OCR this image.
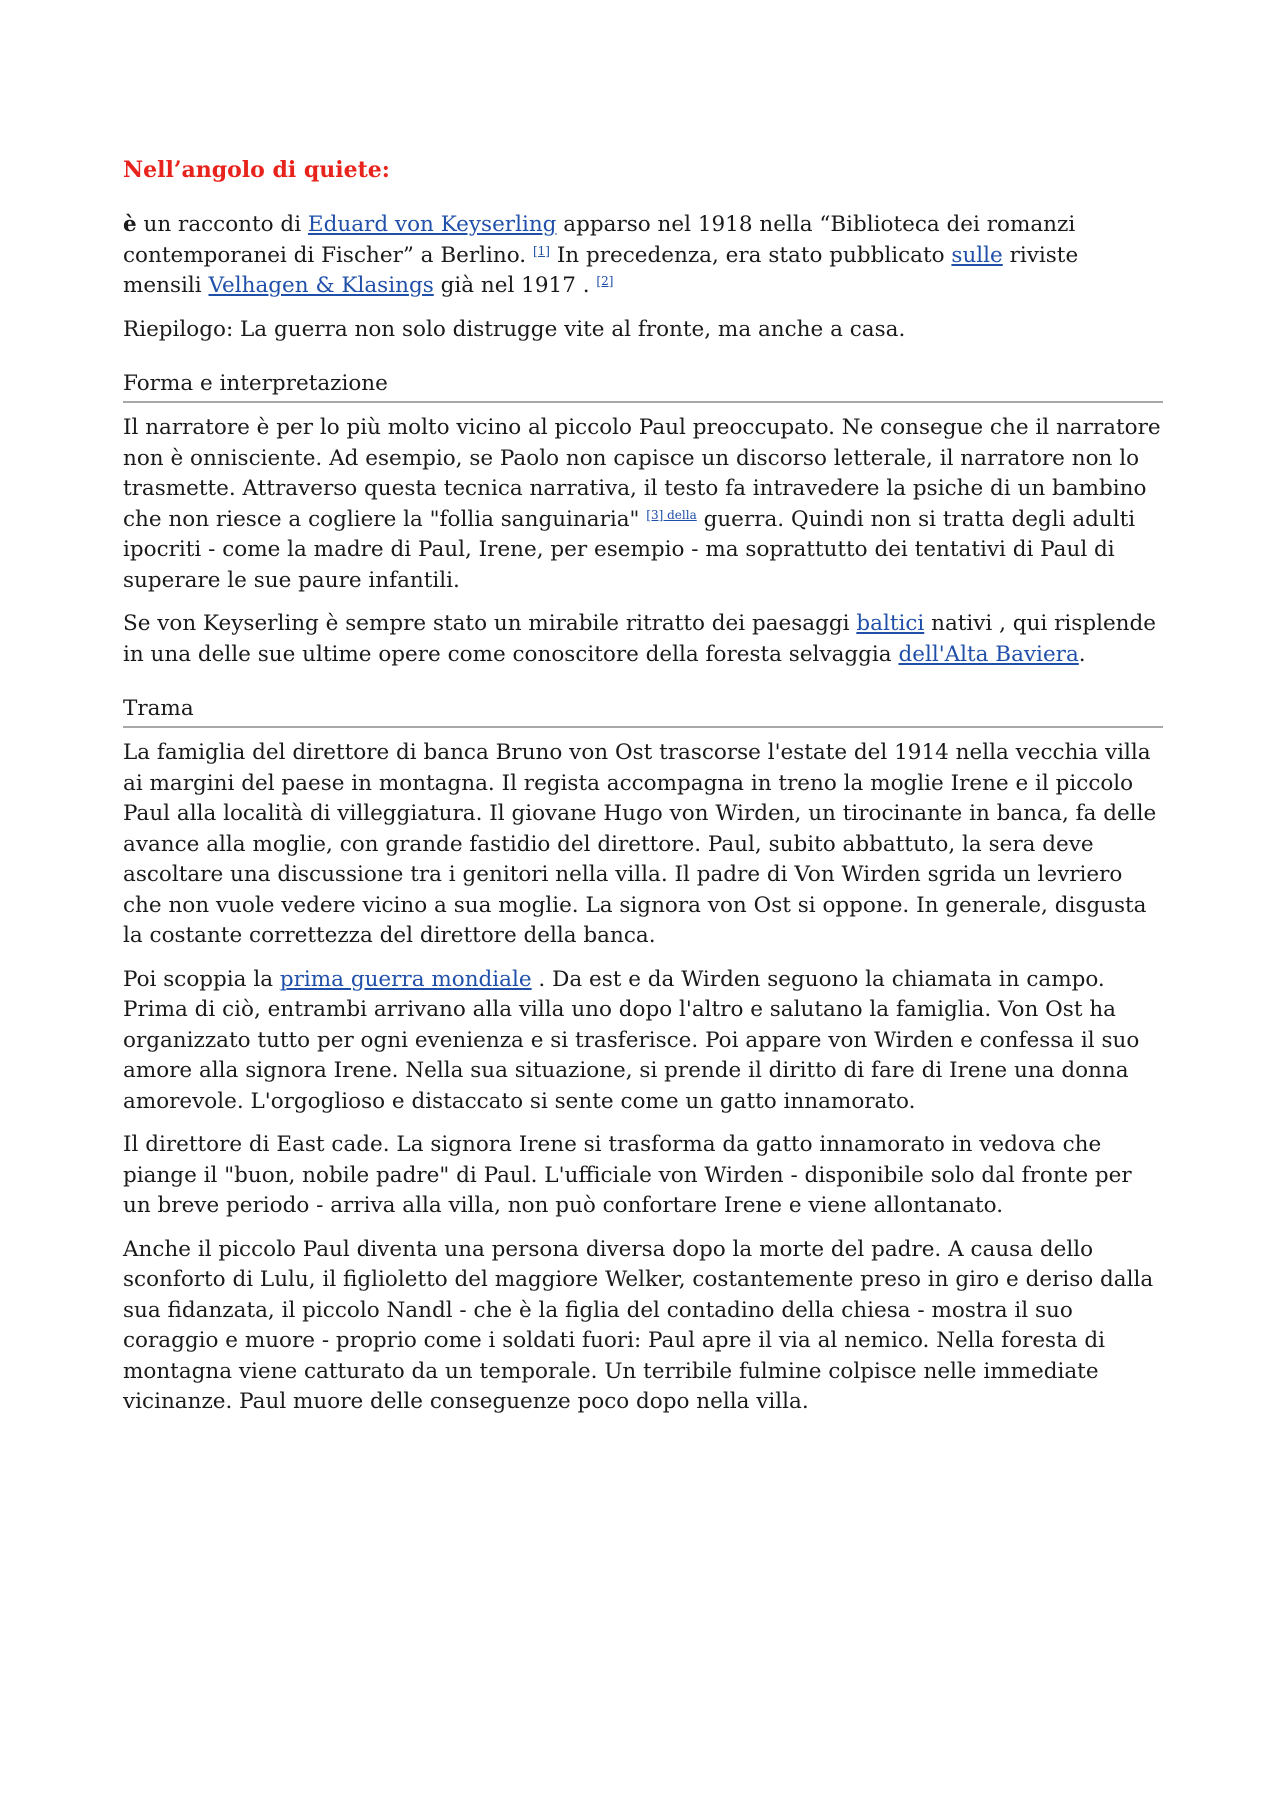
Nell’angolo di quiete:

è un racconto di Eduard von Keyserling apparso nel 1918 nella “Biblioteca dei romanzi contemporanei di Fischer” a Berlino. [1] In precedenza, era stato pubblicato sulle riviste mensili Velhagen & Klasings già nel 1917 . [2]

Riepilogo: La guerra non solo distrugge vite al fronte, ma anche a casa.

Forma e interpretazione

Il narratore è per lo più molto vicino al piccolo Paul preoccupato. Ne consegue che il narratore non è onnisciente. Ad esempio, se Paolo non capisce un discorso letterale, il narratore non lo trasmette. Attraverso questa tecnica narrativa, il testo fa intravedere la psiche di un bambino che non riesce a cogliere la "follia sanguinaria" $^{[3] della}$ guerra. Quindi non si tratta degli adulti ipocriti - come la madre di Paul, Irene, per esempio - ma soprattutto dei tentativi di Paul di superare le sue paure infantili.

Se von Keyserling è sempre stato un mirabile ritratto dei paesaggi baltici nativi , qui risplende in una delle sue ultime opere come conoscitore della foresta selvaggia dell'Alta Baviera.

Trama

La famiglia del direttore di banca Bruno von Ost trascorse l'estate del 1914 nella vecchia villa ai margini del paese in montagna. Il regista accompagna in treno la moglie Irene e il piccolo Paul alla località di villeggiatura. Il giovane Hugo von Wirden, un tirocinante in banca, fa delle avance alla moglie, con grande fastidio del direttore. Paul, subito abbattuto, la sera deve ascoltare una discussione tra i genitori nella villa. Il padre di Von Wirden sgrida un levriero che non vuole vedere vicino a sua moglie. La signora von Ost si oppone. In generale, disgusta la costante correttezza del direttore della banca.

Poi scoppia la prima guerra mondiale . Da est e da Wirden seguono la chiamata in campo. Prima di ciò, entrambi arrivano alla villa uno dopo l'altro e salutano la famiglia. Von Ost ha organizzato tutto per ogni evenienza e si trasferisce. Poi appare von Wirden e confessa il suo amore alla signora Irene. Nella sua situazione, si prende il diritto di fare di Irene una donna amorevole. L'orgoglioso e distaccato si sente come un gatto innamorato.

Il direttore di East cade. La signora Irene si trasforma da gatto innamorato in vedova che piange il "buon, nobile padre" di Paul. L'ufficiale von Wirden - disponibile solo dal fronte per un breve periodo - arriva alla villa, non può confortare Irene e viene allontanato.

Anche il piccolo Paul diventa una persona diversa dopo la morte del padre. A causa dello sconforto di Lulu, il figlioletto del maggiore Welker, costantemente preso in giro e deriso dalla sua fidanzata, il piccolo Nandl - che è la figlia del contadino della chiesa - mostra il suo coraggio e muore - proprio come i soldati fuori: Paul apre il via al nemico. Nella foresta di montagna viene catturato da un temporale. Un terribile fulmine colpisce nelle immediate vicinanze. Paul muore delle conseguenze poco dopo nella villa.
